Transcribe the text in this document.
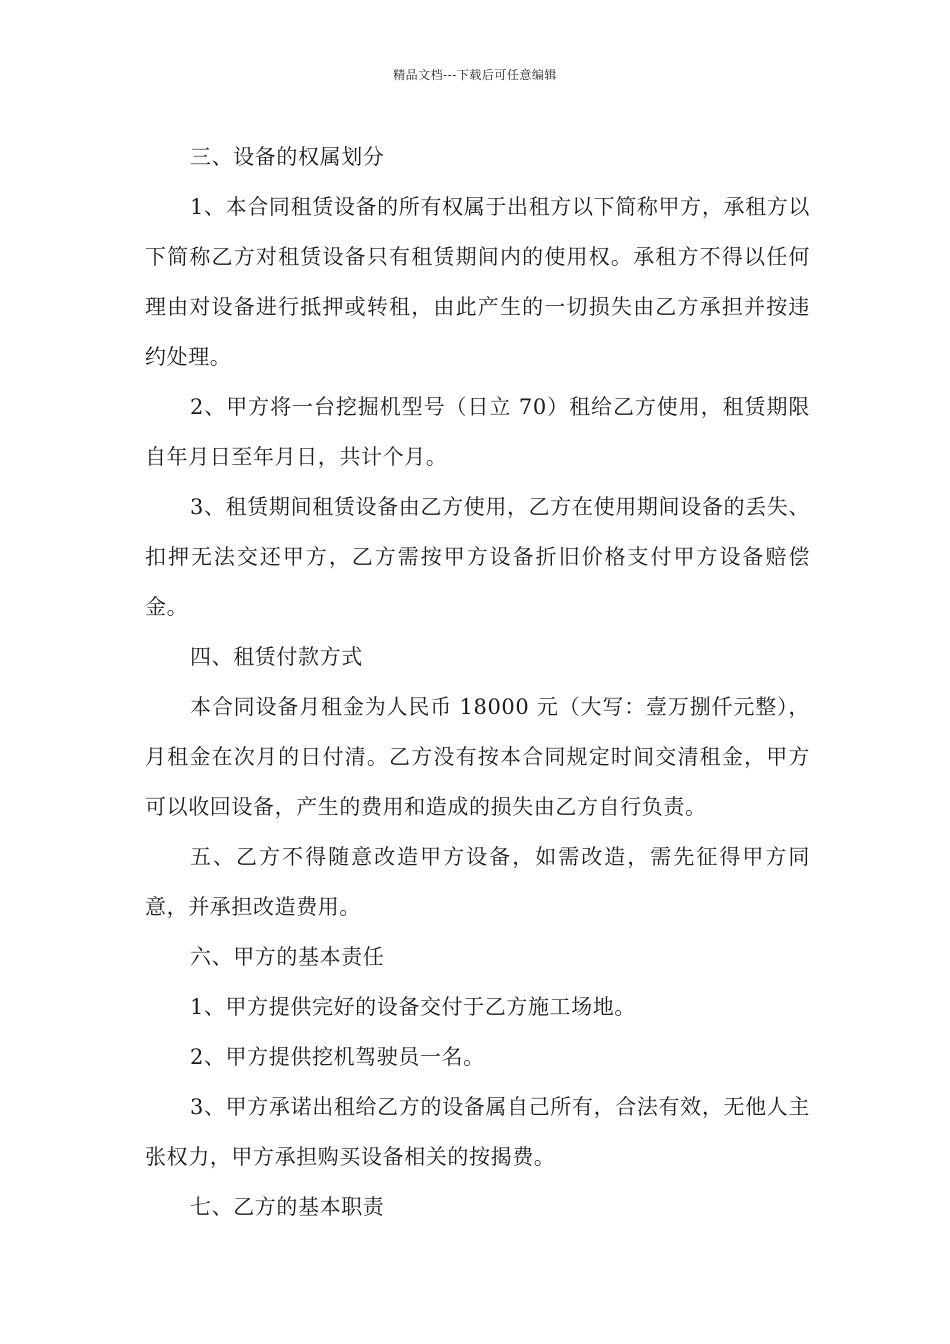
精品文档---下载后可任意编辑

三、设备的权属划分

1、本合同租赁设备的所有权属于出租方以下简称甲方，承租方以下简称乙方对租赁设备只有租赁期间内的使用权。承租方不得以任何理由对设备进行抵押或转租，由此产生的一切损失由乙方承担并按违约处理。

2、甲方将一台挖掘机型号（日立 70）租给乙方使用，租赁期限自年月日至年月日，共计个月。

3、租赁期间租赁设备由乙方使用，乙方在使用期间设备的丢失、扣押无法交还甲方，乙方需按甲方设备折旧价格支付甲方设备赔偿金。

四、租赁付款方式

本合同设备月租金为人民币 18000 元（大写：壹万捌仟元整），月租金在次月的日付清。乙方没有按本合同规定时间交清租金，甲方可以收回设备，产生的费用和造成的损失由乙方自行负责。

五、乙方不得随意改造甲方设备，如需改造，需先征得甲方同意，并承担改造费用。

六、甲方的基本责任

1、甲方提供完好的设备交付于乙方施工场地。

2、甲方提供挖机驾驶员一名。

3、甲方承诺出租给乙方的设备属自己所有，合法有效，无他人主张权力，甲方承担购买设备相关的按揭费。

七、乙方的基本职责
